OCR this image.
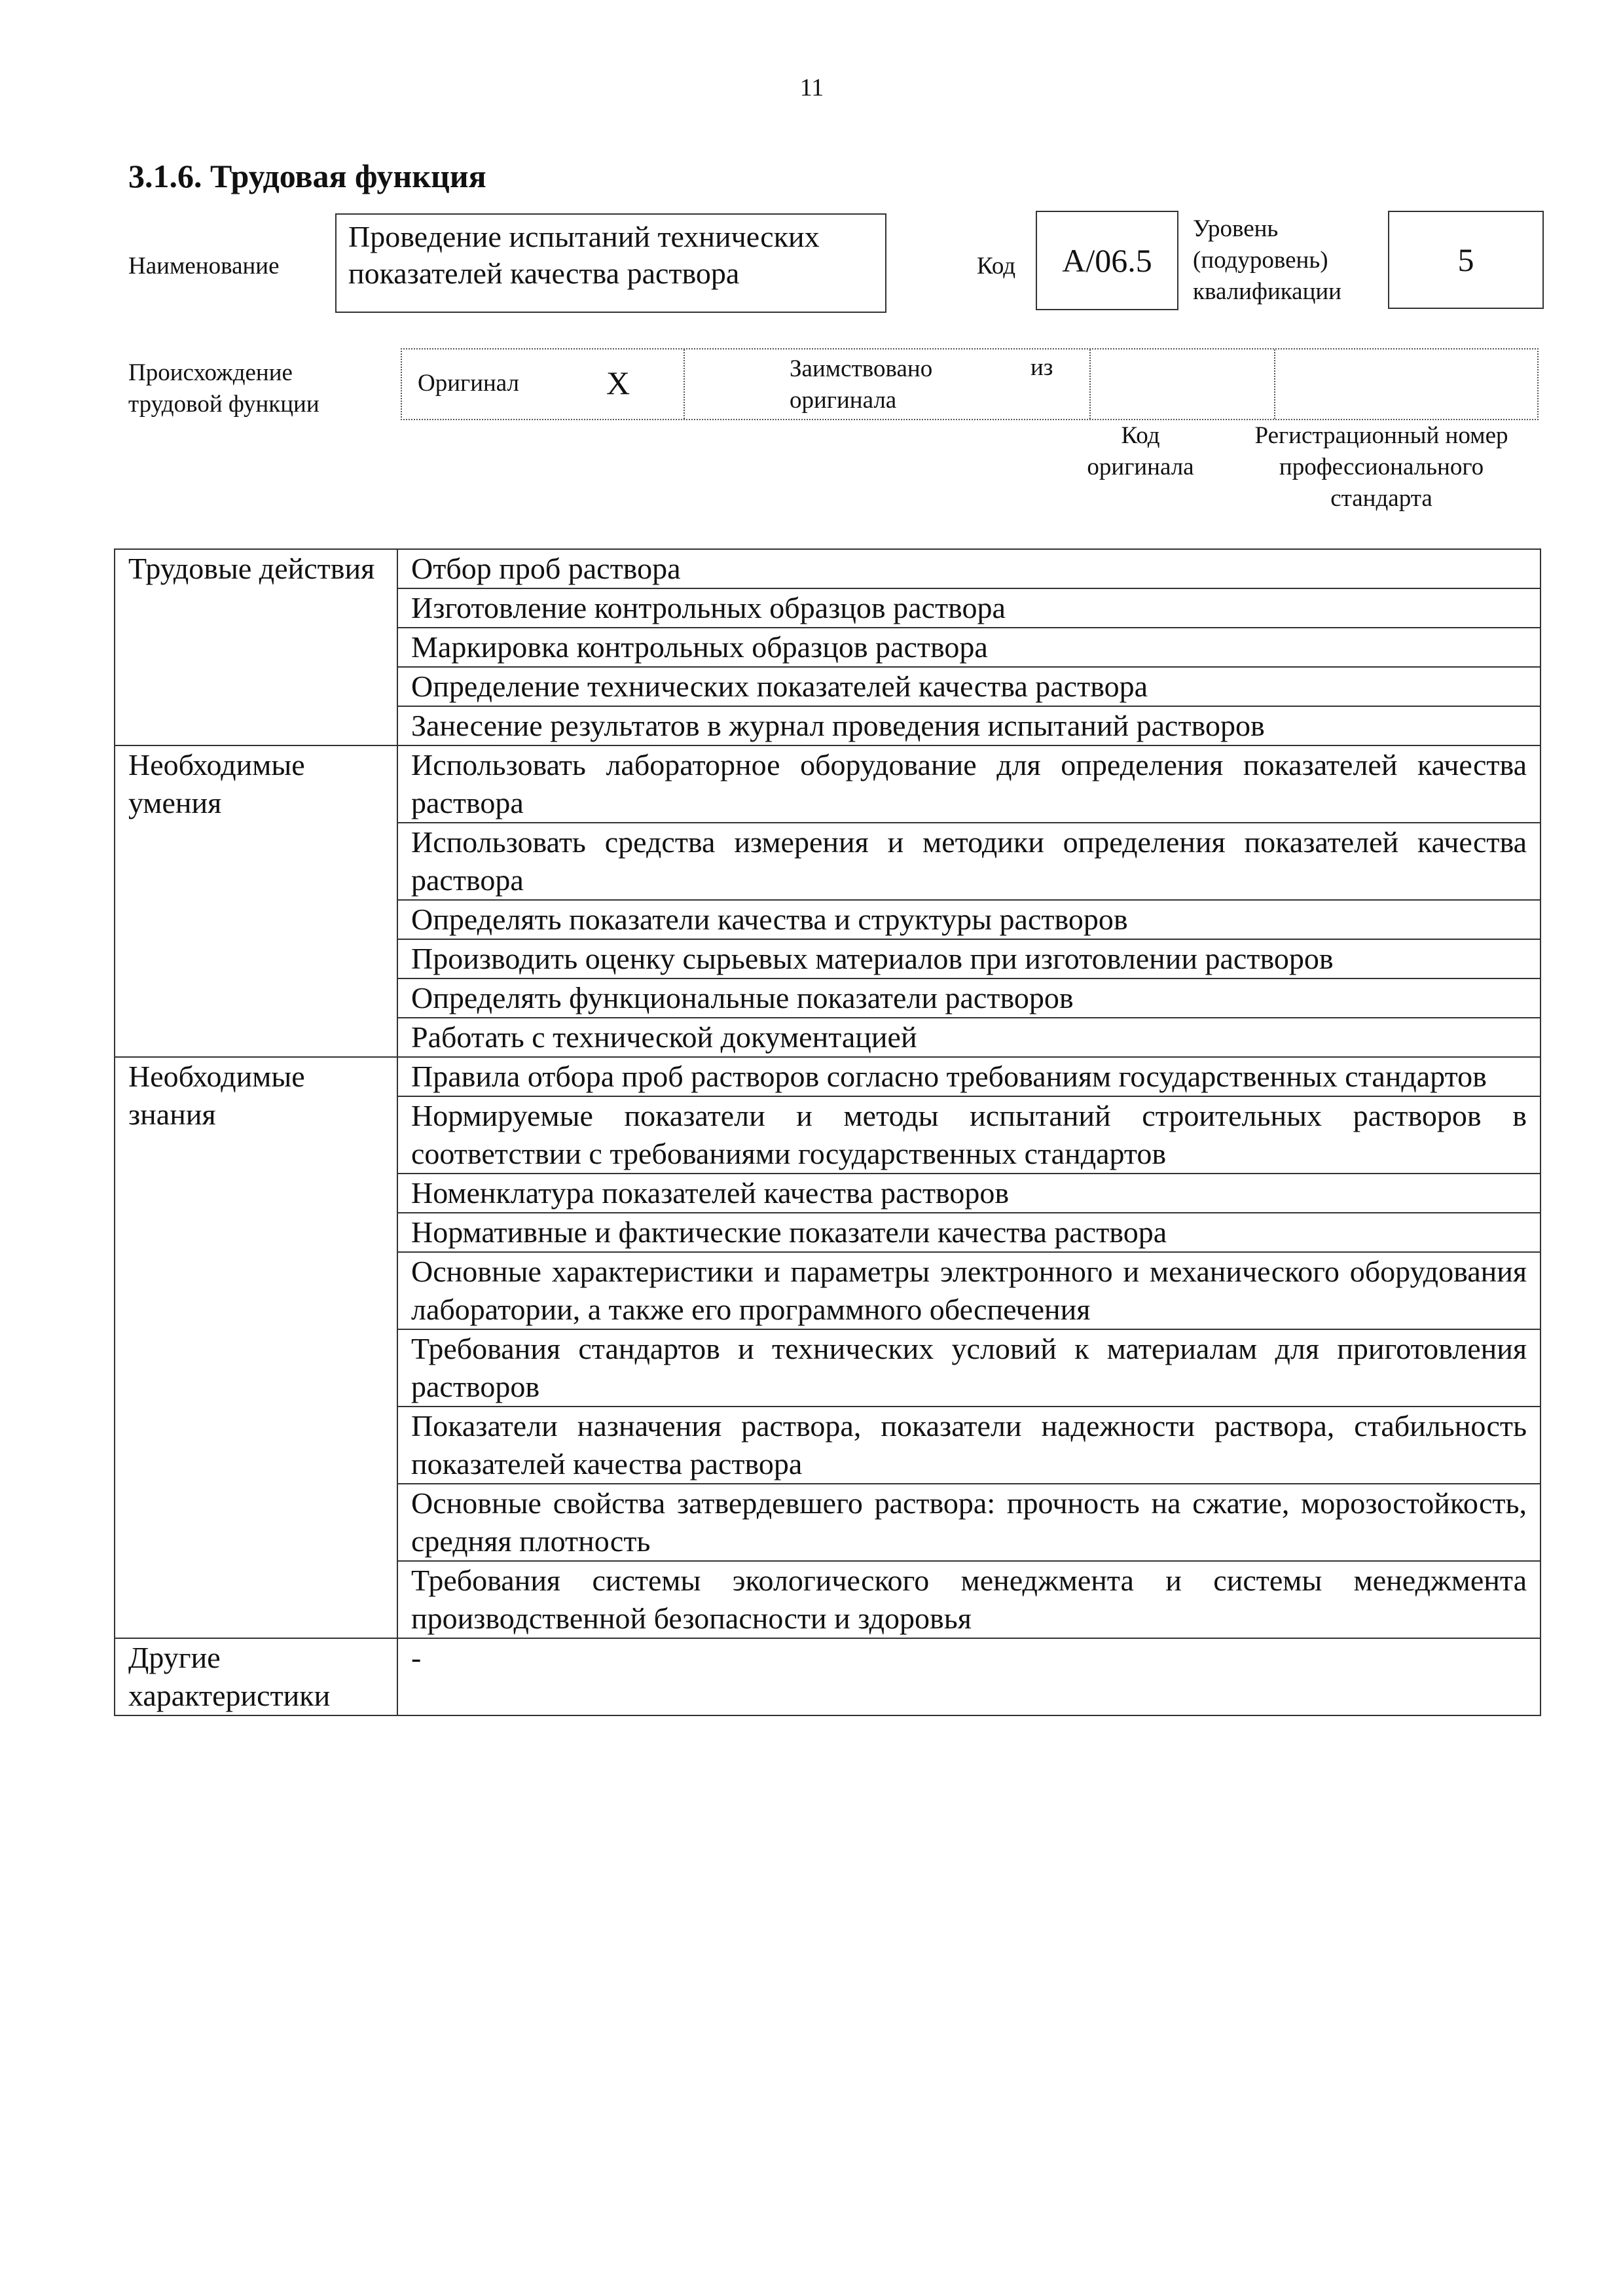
11
3.1.6. Трудовая функция
Наименование
Проведение испытаний технических показателей качества раствора	Код	A/06.5
Уровень
(подуровень)
квалификации
5
Происхождение
трудовой функции
Оригинал	X	Заимствовано
оригинала
из
Код
оригинала
Регистрационный номер
профессионального
стандарта
Трудовые действия	Отбор проб раствора
	Изготовление контрольных образцов раствора
	Маркировка контрольных образцов раствора
	Определение технических показателей качества раствора
	Занесение результатов в журнал проведения испытаний растворов
Необходимые умения	Использовать лабораторное оборудование для определения показателей качества раствора
	Использовать средства измерения и методики определения показателей качества раствора
	Определять показатели качества и структуры растворов
	Производить оценку сырьевых материалов при изготовлении растворов
	Определять функциональные показатели растворов
	Работать с технической документацией
Необходимые знания	Правила отбора проб растворов согласно требованиям государственных стандартов
	Нормируемые показатели и методы испытаний строительных растворов в соответствии с требованиями государственных стандартов
	Номенклатура показателей качества растворов
	Нормативные и фактические показатели качества раствора
	Основные характеристики и параметры электронного и механического оборудования лаборатории, а также его программного обеспечения
	Требования стандартов и технических условий к материалам для приготовления растворов
	Показатели назначения раствора, показатели надежности раствора, стабильность показателей качества раствора
	Основные свойства затвердевшего раствора: прочность на сжатие, морозостойкость, средняя плотность
	Требования системы экологического менеджмента и системы менеджмента производственной безопасности и здоровья
Другие характеристики	-
